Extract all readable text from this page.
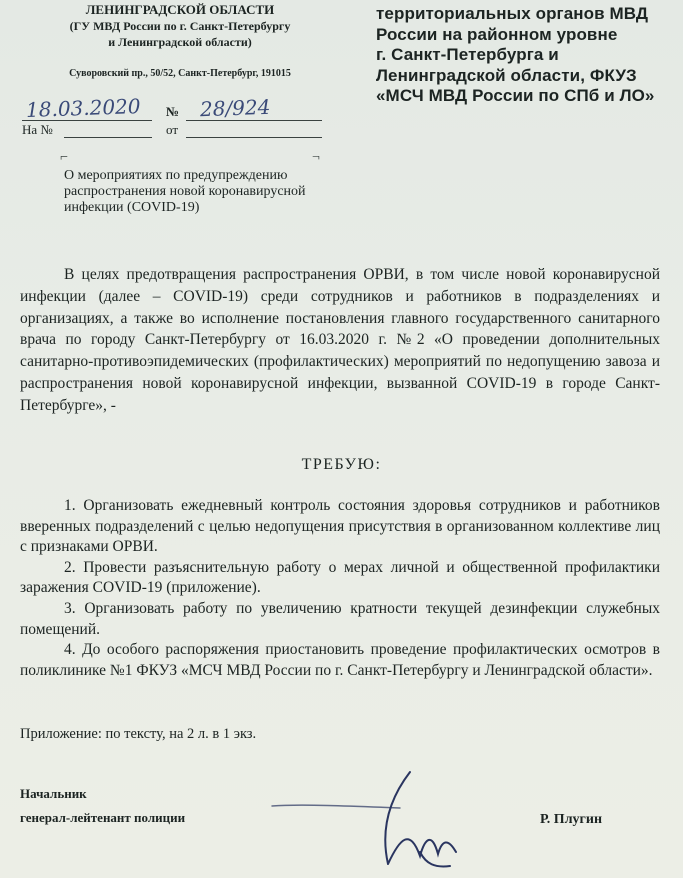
ЛЕНИНГРАДСКОЙ ОБЛАСТИ
(ГУ МВД России по г. Санкт-Петербургу
и Ленинградской области)
Суворовский пр., 50/52, Санкт-Петербург, 191015
территориальных органов МВД
России на районном уровне
г. Санкт-Петербурга и
Ленинградской области, ФКУЗ
«МСЧ МВД России по СПб и ЛО»
18.03.2020 № 28/924
На №	от
⌐	¬
О мероприятиях по предупреждению
распространения новой коронавирусной
инфекции (COVID-19)
В целях предотвращения распространения ОРВИ, в том числе новой коронавирусной инфекции (далее – COVID-19) среди сотрудников и работников в подразделениях и организациях, а также во исполнение постановления главного государственного санитарного врача по городу Санкт-Петербургу от 16.03.2020 г. №2 «О проведении дополнительных санитарно-противоэпидемических (профилактических) мероприятий по недопущению завоза и распространения новой коронавирусной инфекции, вызванной COVID-19 в городе Санкт-Петербурге», -
ТРЕБУЮ:

1. Организовать ежедневный контроль состояния здоровья сотрудников и работников вверенных подразделений с целью недопущения присутствия в организованном коллективе лиц с признаками ОРВИ.

2. Провести разъяснительную работу о мерах личной и общественной профилактики заражения COVID-19 (приложение).

3. Организовать работу по увеличению кратности текущей дезинфекции служебных помещений.

4. До особого распоряжения приостановить проведение профилактических осмотров в поликлинике №1 ФКУЗ «МСЧ МВД России по г. Санкт-Петербургу и Ленинградской области».

Приложение: по тексту, на 2 л. в 1 экз.
Начальник
генерал-лейтенант полиции	Р. Плугин
